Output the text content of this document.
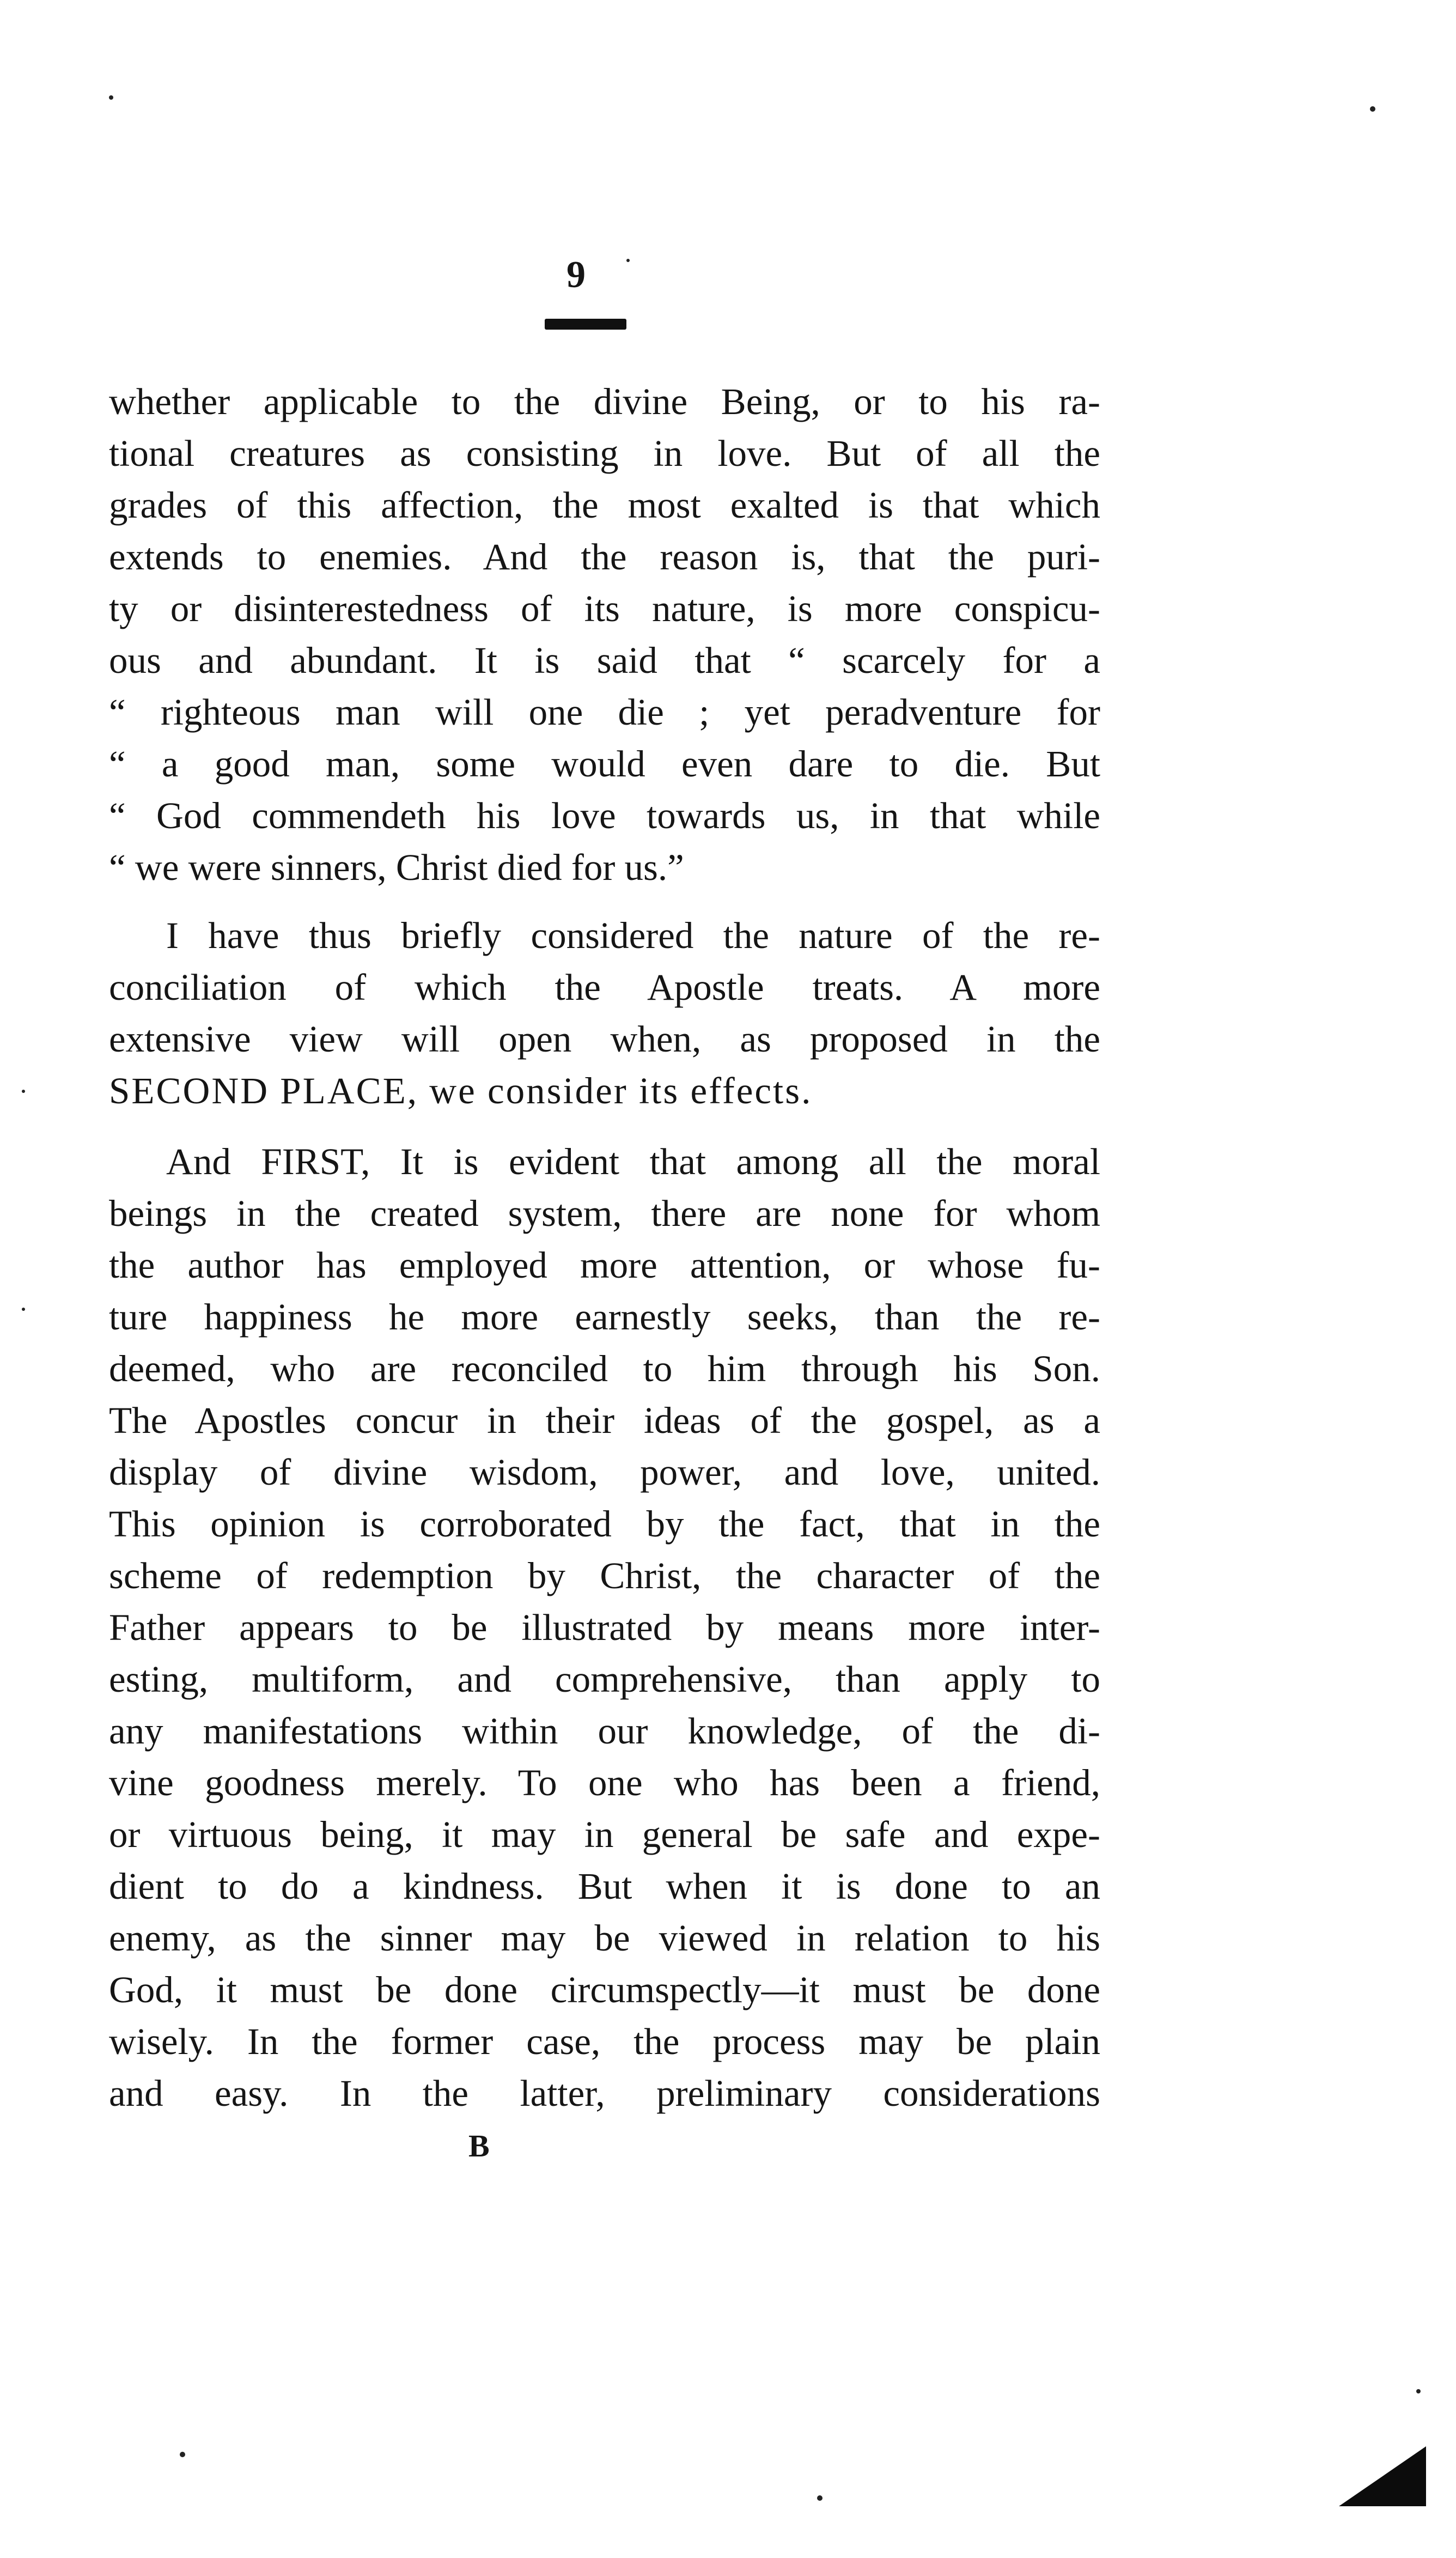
9
whether applicable to the divine Being, or to his ra-
tional creatures as consisting in love. But of all the
grades of this affection, the most exalted is that which
extends to enemies. And the reason is, that the puri-
ty or disinterestedness of its nature, is more conspicu-
ous and abundant. It is said that “ scarcely for a
“ righteous man will one die ; yet peradventure for
“ a good man, some would even dare to die. But
“ God commendeth his love towards us, in that while
“ we were sinners, Christ died for us.”
I have thus briefly considered the nature of the re-
conciliation of which the Apostle treats. A more
extensive view will open when, as proposed in the
SECOND PLACE, we consider its effects.
And FIRST, It is evident that among all the moral
beings in the created system, there are none for whom
the author has employed more attention, or whose fu-
ture happiness he more earnestly seeks, than the re-
deemed, who are reconciled to him through his Son.
The Apostles concur in their ideas of the gospel, as a
display of divine wisdom, power, and love, united.
This opinion is corroborated by the fact, that in the
scheme of redemption by Christ, the character of the
Father appears to be illustrated by means more inter-
esting, multiform, and comprehensive, than apply to
any manifestations within our knowledge, of the di-
vine goodness merely. To one who has been a friend,
or virtuous being, it may in general be safe and expe-
dient to do a kindness. But when it is done to an
enemy, as the sinner may be viewed in relation to his
God, it must be done circumspectly—it must be done
wisely. In the former case, the process may be plain
and easy. In the latter, preliminary considerations
B
